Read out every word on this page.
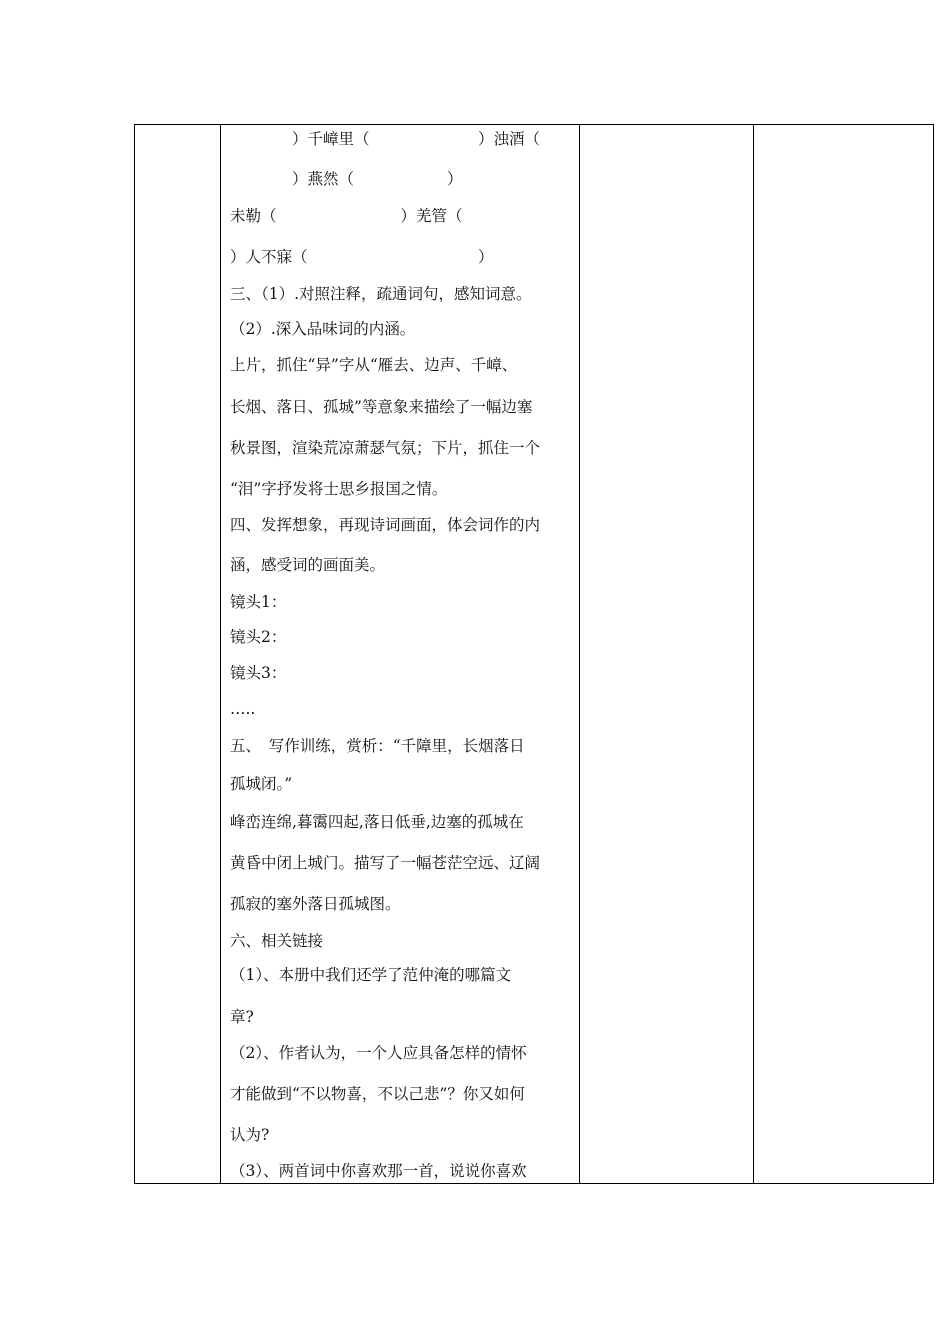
　　　　）千嶂里（　　　　　　　）浊酒（
　　　　）燕然（　　　　　　）
未勒（　　　　　　　　）羌管（
）人不寐（　　　　　　　　　　　）
三、（1）.对照注释，疏通词句，感知词意。
（2）.深入品味词的内涵。
上片，抓住“异”字从“雁去、边声、千嶂、
长烟、落日、孤城”等意象来描绘了一幅边塞
秋景图，渲染荒凉萧瑟气氛；下片，抓住一个
“泪”字抒发将士思乡报国之情。
四、发挥想象，再现诗词画面，体会词作的内
涵，感受词的画面美。
镜头1：
镜头2：
镜头3：
…..
五、　写作训练，赏析：“千障里，长烟落日
孤城闭。”
峰峦连绵,暮霭四起,落日低垂,边塞的孤城在
黄昏中闭上城门。描写了一幅苍茫空远、辽阔
孤寂的塞外落日孤城图。
六、相关链接
（1）、本册中我们还学了范仲淹的哪篇文
章?
（2）、作者认为，一个人应具备怎样的情怀
才能做到“不以物喜，不以己悲”？你又如何
认为?
（3）、两首词中你喜欢那一首，说说你喜欢
